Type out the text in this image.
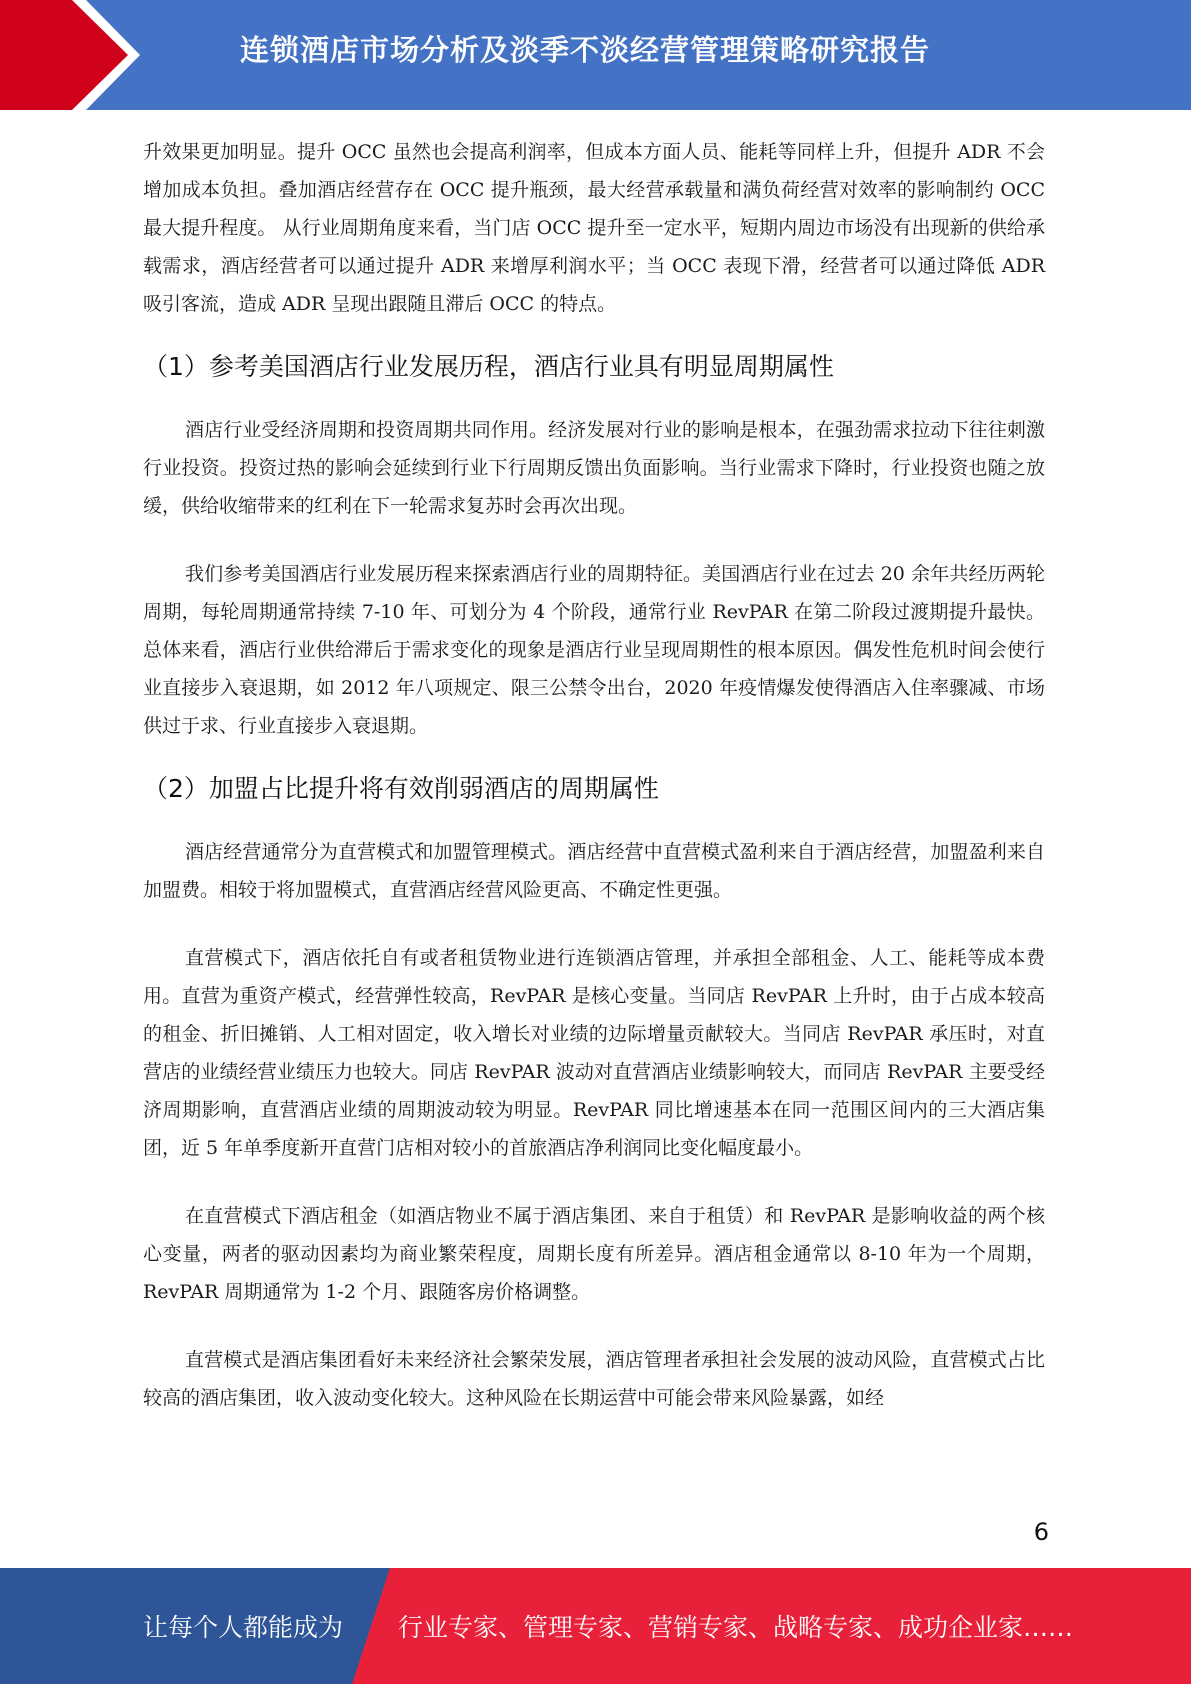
连锁酒店市场分析及淡季不淡经营管理策略研究报告

升效果更加明显。提升 OCC 虽然也会提高利润率，但成本方面人员、能耗等同样上升，但提升 ADR 不会增加成本负担。叠加酒店经营存在 OCC 提升瓶颈，最大经营承载量和满负荷经营对效率的影响制约 OCC 最大提升程度。 从行业周期角度来看，当门店 OCC 提升至一定水平，短期内周边市场没有出现新的供给承载需求，酒店经营者可以通过提升 ADR 来增厚利润水平；当 OCC 表现下滑，经营者可以通过降低 ADR 吸引客流，造成 ADR 呈现出跟随且滞后 OCC 的特点。

（1）参考美国酒店行业发展历程，酒店行业具有明显周期属性

酒店行业受经济周期和投资周期共同作用。经济发展对行业的影响是根本，在强劲需求拉动下往往刺激行业投资。投资过热的影响会延续到行业下行周期反馈出负面影响。当行业需求下降时，行业投资也随之放缓，供给收缩带来的红利在下一轮需求复苏时会再次出现。

我们参考美国酒店行业发展历程来探索酒店行业的周期特征。美国酒店行业在过去 20 余年共经历两轮周期，每轮周期通常持续 7-10 年、可划分为 4 个阶段，通常行业 RevPAR 在第二阶段过渡期提升最快。 总体来看，酒店行业供给滞后于需求变化的现象是酒店行业呈现周期性的根本原因。偶发性危机时间会使行业直接步入衰退期，如 2012 年八项规定、限三公禁令出台，2020 年疫情爆发使得酒店入住率骤减、市场供过于求、行业直接步入衰退期。

（2）加盟占比提升将有效削弱酒店的周期属性

酒店经营通常分为直营模式和加盟管理模式。酒店经营中直营模式盈利来自于酒店经营，加盟盈利来自加盟费。相较于将加盟模式，直营酒店经营风险更高、不确定性更强。

直营模式下，酒店依托自有或者租赁物业进行连锁酒店管理，并承担全部租金、人工、能耗等成本费用。直营为重资产模式，经营弹性较高，RevPAR 是核心变量。当同店 RevPAR 上升时，由于占成本较高的租金、折旧摊销、人工相对固定，收入增长对业绩的边际增量贡献较大。当同店 RevPAR 承压时，对直营店的业绩经营业绩压力也较大。同店 RevPAR 波动对直营酒店业绩影响较大，而同店 RevPAR 主要受经济周期影响，直营酒店业绩的周期波动较为明显。RevPAR 同比增速基本在同一范围区间内的三大酒店集团，近 5 年单季度新开直营门店相对较小的首旅酒店净利润同比变化幅度最小。

在直营模式下酒店租金（如酒店物业不属于酒店集团、来自于租赁）和 RevPAR 是影响收益的两个核心变量，两者的驱动因素均为商业繁荣程度，周期长度有所差异。酒店租金通常以 8-10 年为一个周期，RevPAR 周期通常为 1-2 个月、跟随客房价格调整。

直营模式是酒店集团看好未来经济社会繁荣发展，酒店管理者承担社会发展的波动风险，直营模式占比较高的酒店集团，收入波动变化较大。这种风险在长期运营中可能会带来风险暴露，如经

6
让每个人都能成为 行业专家、管理专家、营销专家、战略专家、成功企业家……
